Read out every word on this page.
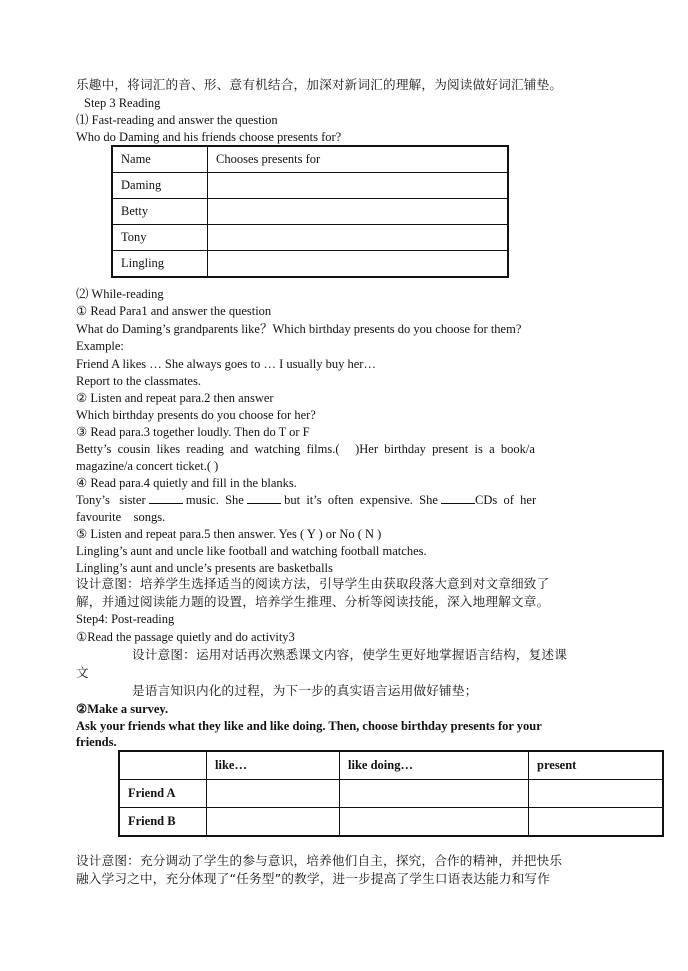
乐趣中，将词汇的音、形、意有机结合，加深对新词汇的理解，为阅读做好词汇铺垫。
Step 3 Reading
⑴ Fast-reading and answer the question
Who do Daming and his friends choose presents for?
Name	Chooses presents for
Daming	
Betty	
Tony	
Lingling	
⑵ While-reading
① Read Para1 and answer the question
What do Daming’s grandparents like？Which birthday presents do you choose for them?
Example:
Friend A likes … She always goes to … I usually buy her…
Report to the classmates.
② Listen and repeat para.2 then answer
Which birthday presents do you choose for her?
③ Read para.3 together loudly. Then do T or F
Betty’s  cousin  likes  reading  and  watching  films.(     )Her  birthday  present  is  a  book/a
magazine/a concert ticket.( )
④ Read para.4 quietly and fill in the blanks.
Tony’s   sister	music.  She	but  it’s  often  expensive.  She	CDs  of  her
favourite    songs.
⑤ Listen and repeat para.5 then answer. Yes ( Y ) or No ( N )
Lingling’s aunt and uncle like football and watching football matches.
Lingling’s aunt and uncle’s presents are basketballs
设计意图：培养学生选择适当的阅读方法，引导学生由获取段落大意到对文章细致了
解，并通过阅读能力题的设置，培养学生推理、分析等阅读技能，深入地理解文章。
Step4: Post-reading
①Read the passage quietly and do activity3
设计意图：运用对话再次熟悉课文内容，使学生更好地掌握语言结构，复述课
文
是语言知识内化的过程，为下一步的真实语言运用做好铺垫；
②Make a survey.
Ask your friends what they like and like doing. Then, choose birthday presents for your
friends.
	like…	like doing…	present
Friend A			
Friend B			
设计意图：充分调动了学生的参与意识，培养他们自主，探究，合作的精神，并把快乐
融入学习之中，充分体现了“任务型”的教学，进一步提高了学生口语表达能力和写作
